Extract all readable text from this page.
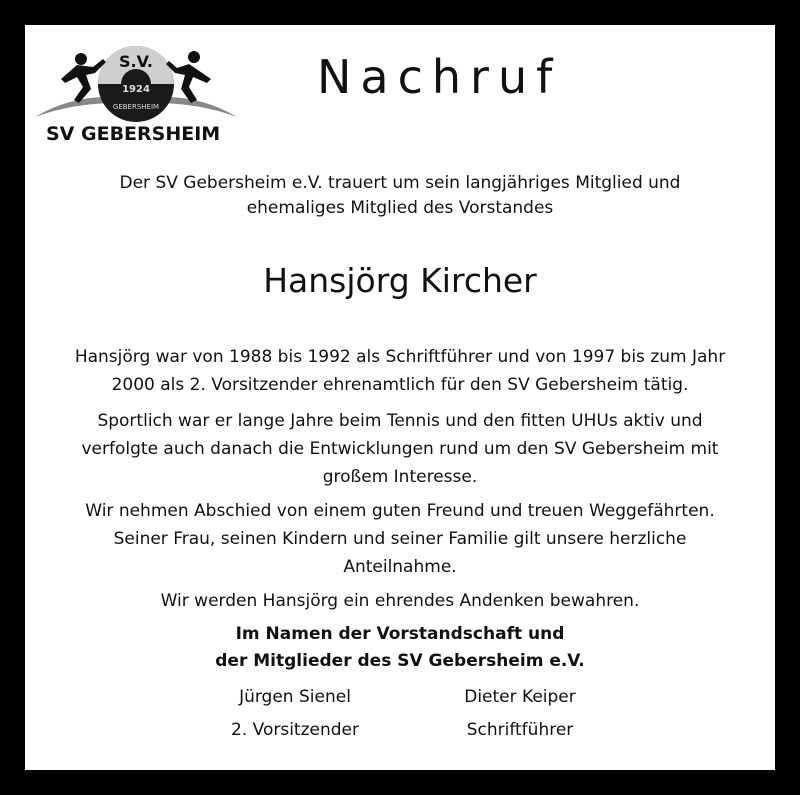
S.V.
1924
GEBERSHEIM
SV GEBERSHEIM
Nachruf
Der SV Gebersheim e.V. trauert um sein langjähriges Mitglied und
ehemaliges Mitglied des Vorstandes
Hansjörg Kircher
Hansjörg war von 1988 bis 1992 als Schriftführer und von 1997 bis zum Jahr
2000 als 2. Vorsitzender ehrenamtlich für den SV Gebersheim tätig.
Sportlich war er lange Jahre beim Tennis und den fitten UHUs aktiv und
verfolgte auch danach die Entwicklungen rund um den SV Gebersheim mit
großem Interesse.
Wir nehmen Abschied von einem guten Freund und treuen Weggefährten.
Seiner Frau, seinen Kindern und seiner Familie gilt unsere herzliche
Anteilnahme.
Wir werden Hansjörg ein ehrendes Andenken bewahren.
Im Namen der Vorstandschaft und
der Mitglieder des SV Gebersheim e.V.
Jürgen Sienel	Dieter Keiper
2. Vorsitzender	Schriftführer
